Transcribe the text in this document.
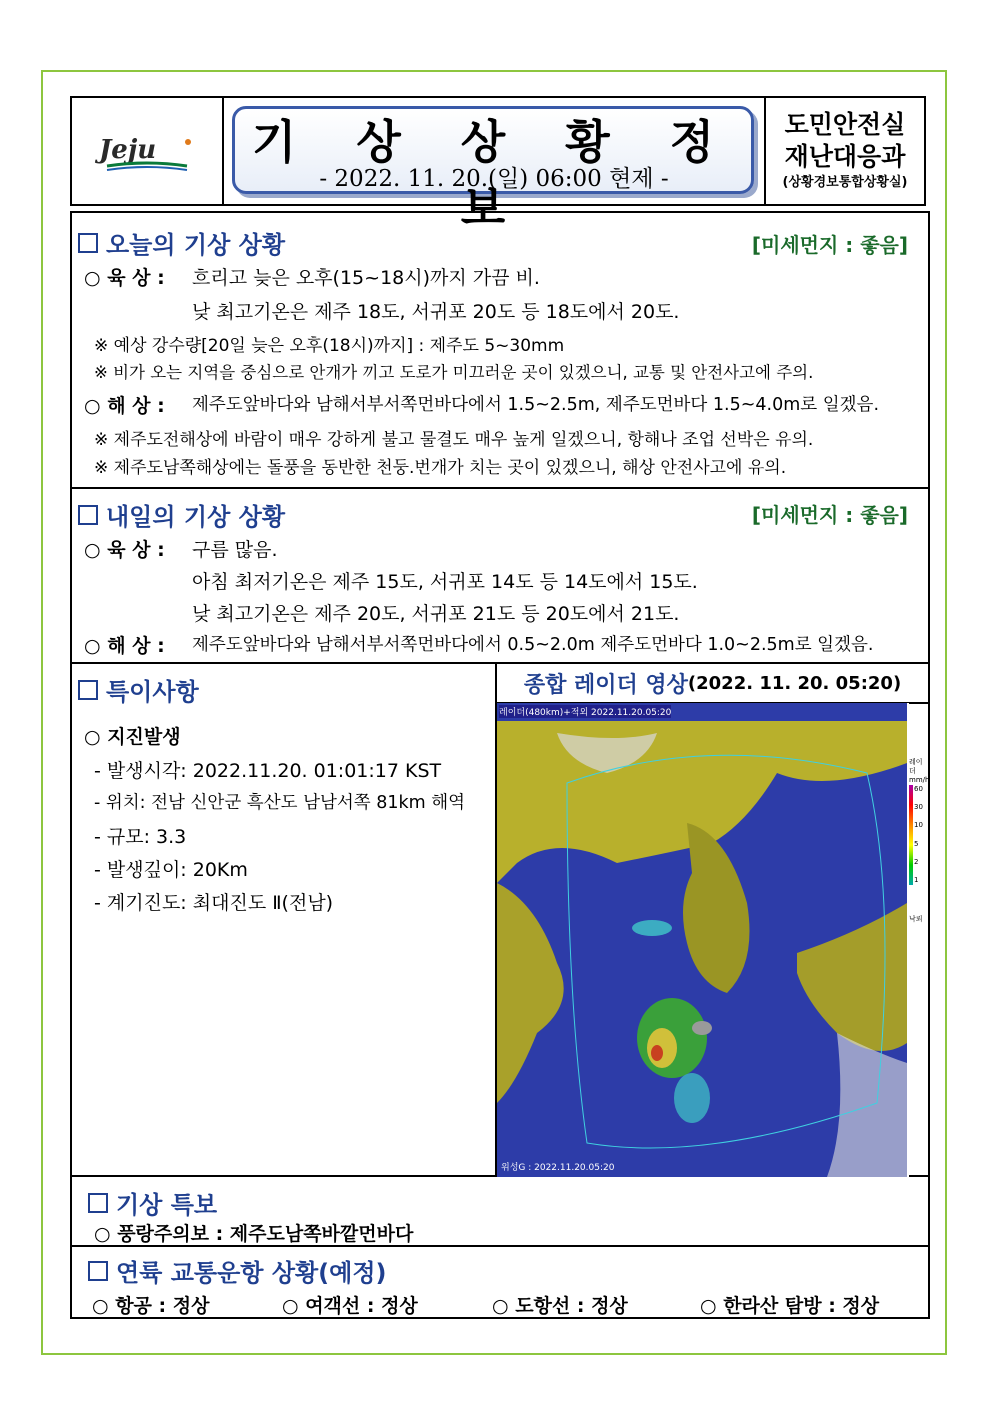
Jeju	기 상 상 황 정 보
- 2022. 11. 20.(일) 06:00 현제 -
도민안전실
재난대응과
(상황경보통합상황실)
오늘의 기상 상황	[미세먼지 : 좋음]
○ 육 상 : 흐리고 늦은 오후(15~18시)까지 가끔 비.
낮 최고기온은 제주 18도, 서귀포 20도 등 18도에서 20도.
※ 예상 강수량[20일 늦은 오후(18시)까지] : 제주도 5~30mm
※ 비가 오는 지역을 중심으로 안개가 끼고 도로가 미끄러운 곳이 있겠으니, 교통 및 안전사고에 주의.
○ 해 상 : 제주도앞바다와 남해서부서쪽먼바다에서 1.5~2.5m, 제주도먼바다 1.5~4.0m로 일겠음.
※ 제주도전해상에 바람이 매우 강하게 불고 물결도 매우 높게 일겠으니, 항해나 조업 선박은 유의.
※ 제주도남쪽해상에는 돌풍을 동반한 천둥.번개가 치는 곳이 있겠으니, 해상 안전사고에 유의.
내일의 기상 상황	[미세먼지 : 좋음]
○ 육 상 : 구름 많음.
아침 최저기온은 제주 15도, 서귀포 14도 등 14도에서 15도.
낮 최고기온은 제주 20도, 서귀포 21도 등 20도에서 21도.
○ 해 상 : 제주도앞바다와 남해서부서쪽먼바다에서 0.5~2.0m 제주도먼바다 1.0~2.5m로 일겠음.
특이사항
○ 지진발생
- 발생시각: 2022.11.20. 01:01:17 KST
- 위치: 전남 신안군 흑산도 남남서쪽 81km 해역
- 규모: 3.3
- 발생깊이: 20Km
- 계기진도: 최대진도 Ⅱ(전남)
종합 레이더 영상 (2022. 11. 20. 05:20)
레이더(480km)+적외 2022.11.20.05:20
위성G : 2022.11.20.05:20
레이더
mm/h
60
30
10
5
2
1
낙뢰
기상 특보
○ 풍랑주의보 : 제주도남쪽바깥먼바다
연륙 교통운항 상황(예정)
○ 항공 : 정상	○ 여객선 : 정상	○ 도항선 : 정상	○ 한라산 탐방 : 정상
